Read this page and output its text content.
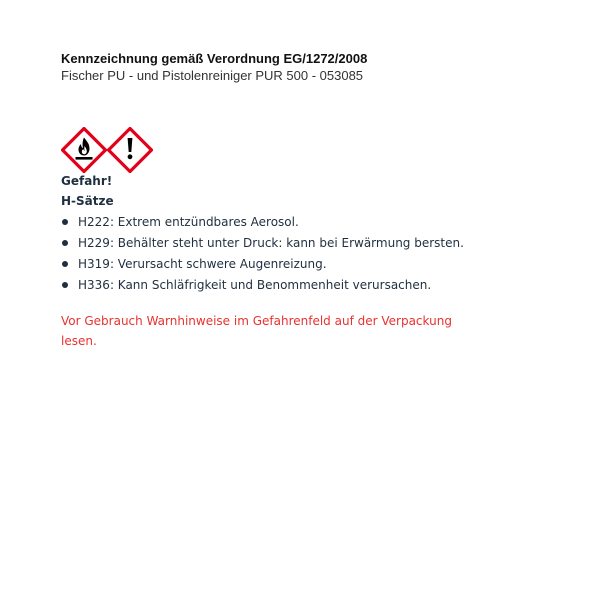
Kennzeichnung gemäß Verordnung EG/1272/2008
Fischer PU - und Pistolenreiniger PUR 500 - 053085
Gefahr!
H-Sätze
H222: Extrem entzündbares Aerosol.
H229: Behälter steht unter Druck: kann bei Erwärmung bersten.
H319: Verursacht schwere Augenreizung.
H336: Kann Schläfrigkeit und Benommenheit verursachen.
Vor Gebrauch Warnhinweise im Gefahrenfeld auf der Verpackung lesen.
